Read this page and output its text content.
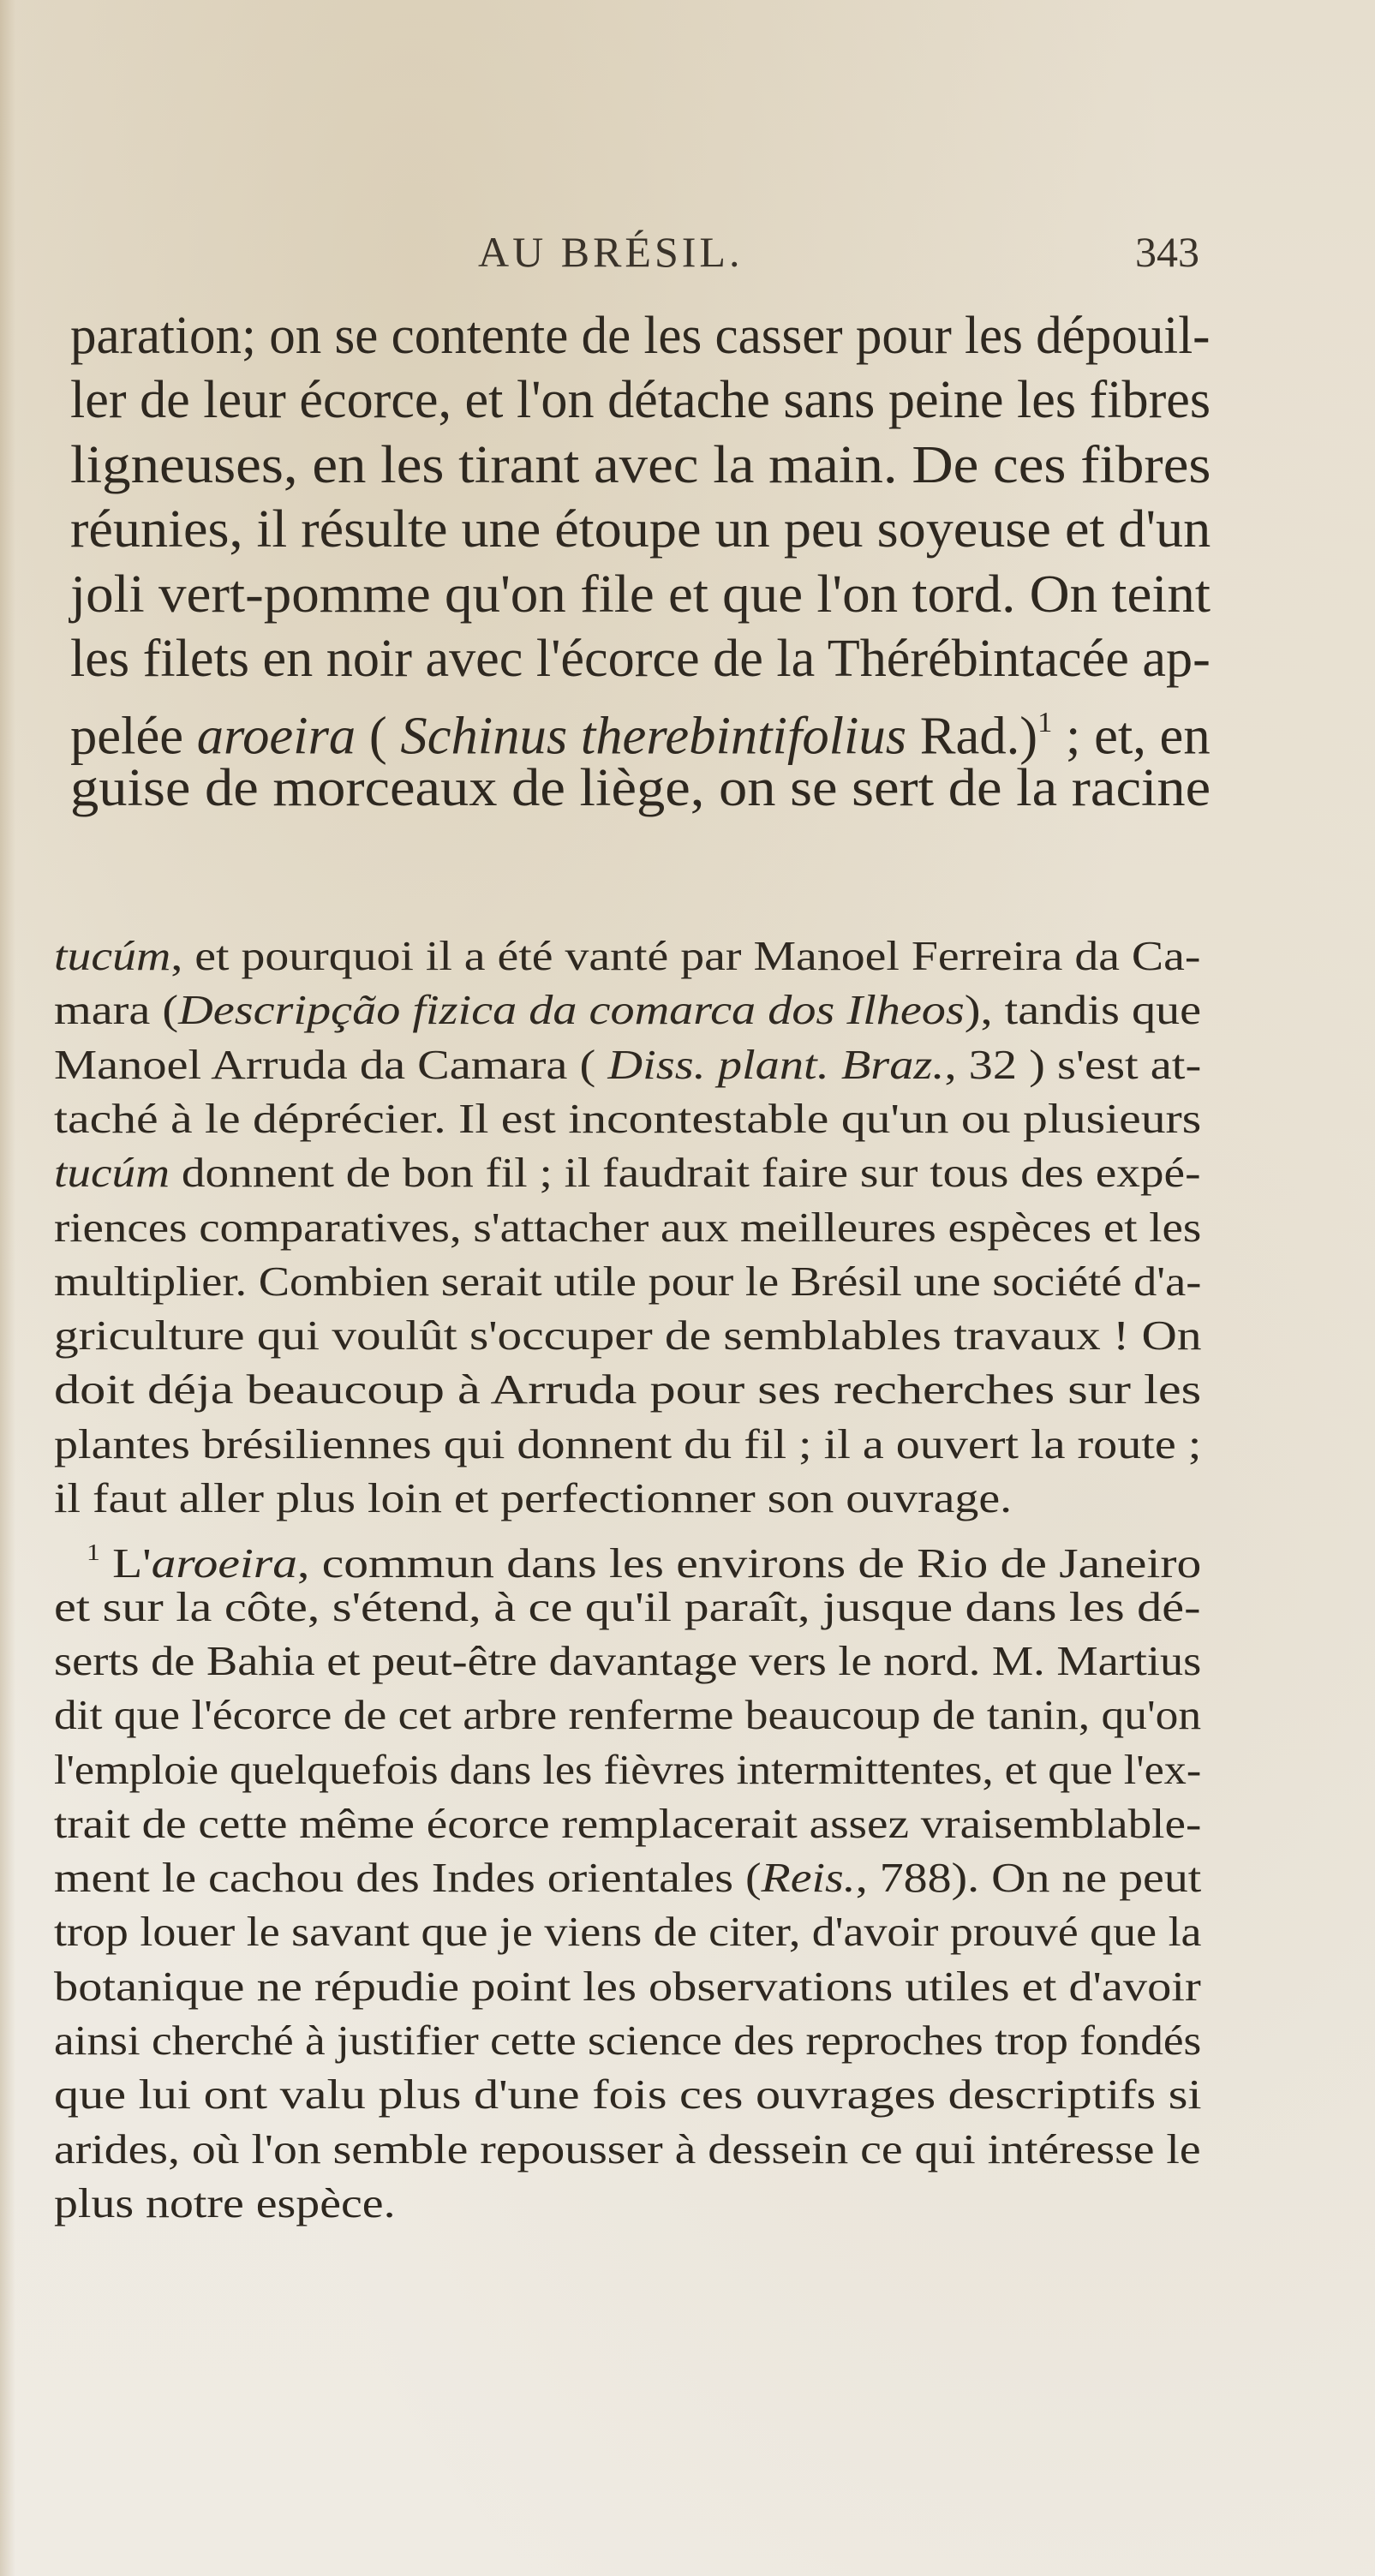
AU BRÉSIL.	343
paration; on se contente de les casser pour les dépouil-
ler de leur écorce, et l'on détache sans peine les fibres
ligneuses, en les tirant avec la main. De ces fibres
réunies, il résulte une étoupe un peu soyeuse et d'un
joli vert-pomme qu'on file et que l'on tord. On teint
les filets en noir avec l'écorce de la Thérébintacée ap-
pelée aroeira ( Schinus therebintifolius Rad.)$^1$ ; et, en
guise de morceaux de liège, on se sert de la racine
tucúm, et pourquoi il a été vanté par Manoel Ferreira da Ca-
mara (Descripção fizica da comarca dos Ilheos), tandis que
Manoel Arruda da Camara ( Diss. plant. Braz., 32 ) s'est at-
taché à le déprécier. Il est incontestable qu'un ou plusieurs
tucúm donnent de bon fil ; il faudrait faire sur tous des expé-
riences comparatives, s'attacher aux meilleures espèces et les
multiplier. Combien serait utile pour le Brésil une société d'a-
griculture qui voulût s'occuper de semblables travaux ! On
doit déja beaucoup à Arruda pour ses recherches sur les
plantes brésiliennes qui donnent du fil ; il a ouvert la route ;
il faut aller plus loin et perfectionner son ouvrage.
$^1$ L'aroeira, commun dans les environs de Rio de Janeiro
et sur la côte, s'étend, à ce qu'il paraît, jusque dans les dé-
serts de Bahia et peut-être davantage vers le nord. M. Martius
dit que l'écorce de cet arbre renferme beaucoup de tanin, qu'on
l'emploie quelquefois dans les fièvres intermittentes, et que l'ex-
trait de cette même écorce remplacerait assez vraisemblable-
ment le cachou des Indes orientales (Reis., 788). On ne peut
trop louer le savant que je viens de citer, d'avoir prouvé que la
botanique ne répudie point les observations utiles et d'avoir
ainsi cherché à justifier cette science des reproches trop fondés
que lui ont valu plus d'une fois ces ouvrages descriptifs si
arides, où l'on semble repousser à dessein ce qui intéresse le
plus notre espèce.
